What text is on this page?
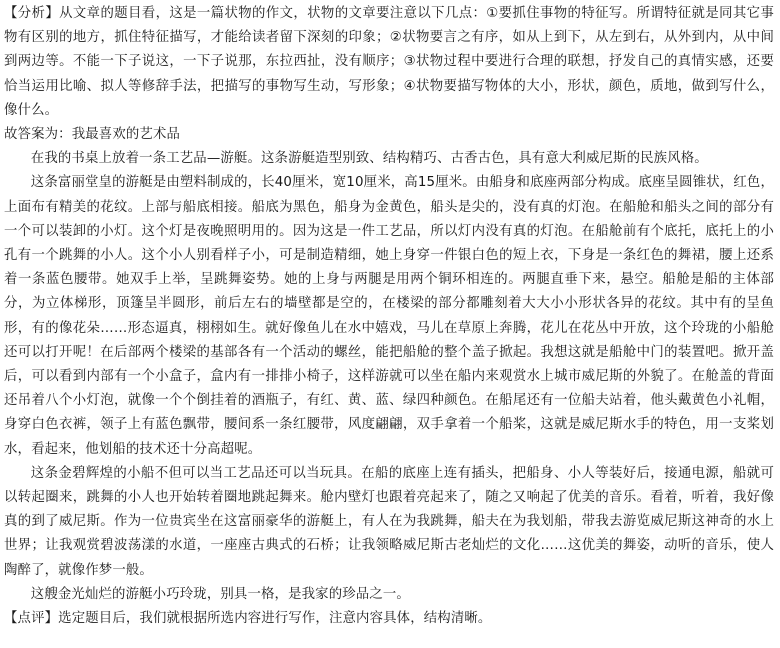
【分析】从文章的题目看，这是一篇状物的作文，状物的文章要注意以下几点：①要抓住事物的特征写。所谓特征就是同其它事物有区别的地方，抓住特征描写，才能给读者留下深刻的印象；②状物要言之有序，如从上到下，从左到右，从外到内，从中间到两边等。不能一下子说这，一下子说那，东拉西扯，没有顺序；③状物过程中要进行合理的联想，抒发自己的真情实感，还要恰当运用比喻、拟人等修辞手法，把描写的事物写生动，写形象；④状物要描写物体的大小，形状，颜色，质地，做到写什么，像什么。

故答案为：我最喜欢的艺术品

在我的书桌上放着一条工艺品—游艇。这条游艇造型别致、结构精巧、古香古色，具有意大利威尼斯的民族风格。

这条富丽堂皇的游艇是由塑料制成的，长40厘米，宽10厘米，高15厘米。由船身和底座两部分构成。底座呈圆锥状，红色，上面布有精美的花纹。上部与船底相接。船底为黑色，船身为金黄色，船头是尖的，没有真的灯泡。在船舱和船头之间的部分有一个可以装卸的小灯。这个灯是夜晚照明用的。因为这是一件工艺品，所以灯内没有真的灯泡。在船舱前有个底托，底托上的小孔有一个跳舞的小人。这个小人别看样子小，可是制造精细，她上身穿一件银白色的短上衣，下身是一条红色的舞裙，腰上还系着一条蓝色腰带。她双手上举，呈跳舞姿势。她的上身与两腿是用两个铜环相连的。两腿直垂下来，悬空。船舱是船的主体部分，为立体梯形，顶篷呈半圆形，前后左右的墙壁都是空的，在楼梁的部分都雕刻着大大小小形状各异的花纹。其中有的呈鱼形，有的像花朵……形态逼真，栩栩如生。就好像鱼儿在水中嬉戏，马儿在草原上奔腾，花儿在花丛中开放，这个玲珑的小船舱还可以打开呢！在后部两个楼梁的基部各有一个活动的螺丝，能把船舱的整个盖子掀起。我想这就是船舱中门的装置吧。掀开盖后，可以看到内部有一个小盒子，盒内有一排排小椅子，这样游就可以坐在船内来观赏水上城市威尼斯的外貌了。在舱盖的背面还吊着八个小灯泡，就像一个个倒挂着的酒瓶子，有红、黄、蓝、绿四种颜色。在船尾还有一位船夫站着，他头戴黄色小礼帽，身穿白色衣裤，领子上有蓝色飘带，腰间系一条红腰带，风度翩翩，双手拿着一个船桨，这就是威尼斯水手的特色，用一支桨划水，看起来，他划船的技术还十分高超呢。

这条金碧辉煌的小船不但可以当工艺品还可以当玩具。在船的底座上连有插头，把船身、小人等装好后，接通电源，船就可以转起圈来，跳舞的小人也开始转着圈地跳起舞来。舱内壁灯也跟着亮起来了，随之又响起了优美的音乐。看着，听着，我好像真的到了威尼斯。作为一位贵宾坐在这富丽豪华的游艇上，有人在为我跳舞，船夫在为我划船，带我去游览威尼斯这神奇的水上世界；让我观赏碧波荡漾的水道，一座座古典式的石桥；让我领略威尼斯古老灿烂的文化……这优美的舞姿，动听的音乐，使人陶醉了，就像作梦一般。

这艘金光灿烂的游艇小巧玲珑，别具一格，是我家的珍品之一。

【点评】选定题目后，我们就根据所选内容进行写作，注意内容具体，结构清晰。
